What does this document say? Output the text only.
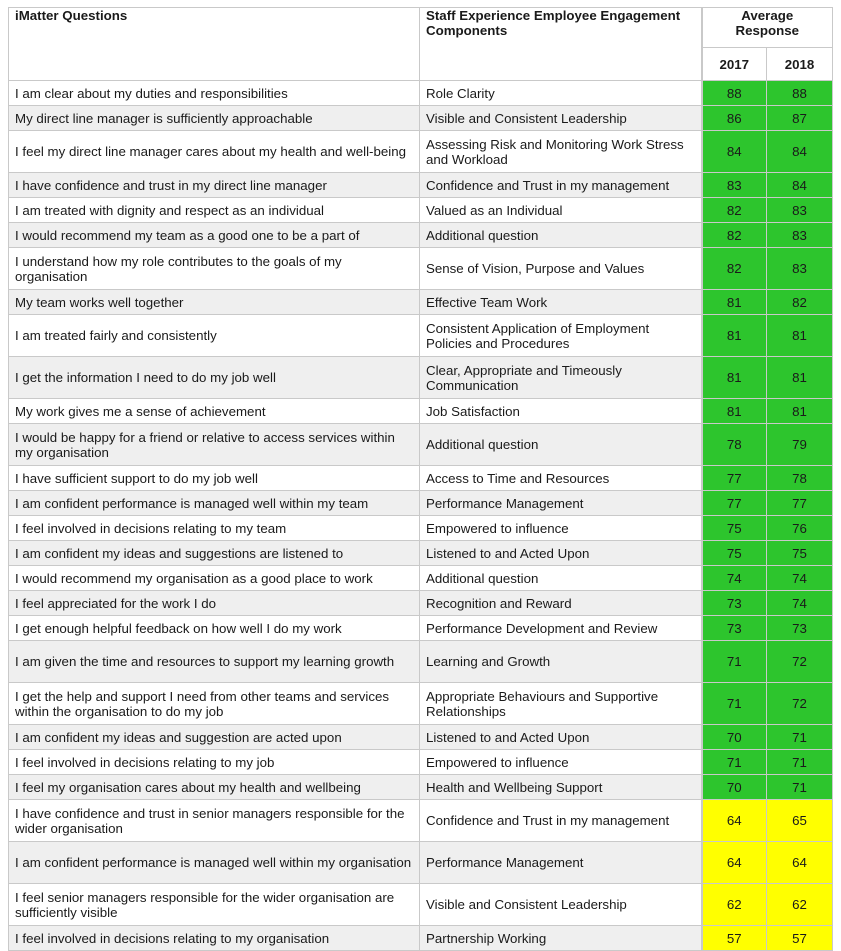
iMatter Questions	Staff Experience Employee Engagement Components	Average Response	
		2017	2018
I am clear about my duties and responsibilities	Role Clarity	88	88
My direct line manager is sufficiently approachable	Visible and Consistent Leadership	86	87
I feel my direct line manager cares about my health and well-being	Assessing Risk and Monitoring Work Stress and Workload	84	84
I have confidence and trust in my direct line manager	Confidence and Trust in my management	83	84
I am treated with dignity and respect as an individual	Valued as an Individual	82	83
I would recommend my team as a good one to be a part of	Additional question	82	83
I understand how my role contributes to the goals of my organisation	Sense of Vision, Purpose and Values	82	83
My team works well together	Effective Team Work	81	82
I am treated fairly and consistently	Consistent Application of Employment Policies and Procedures	81	81
I get the information I need to do my job well	Clear, Appropriate and Timeously Communication	81	81
My work gives me a sense of achievement	Job Satisfaction	81	81
I would be happy for a friend or relative to access services within my organisation	Additional question	78	79
I have sufficient support to do my job well	Access to Time and Resources	77	78
I am confident performance is managed well within my team	Performance Management	77	77
I feel involved in decisions relating to my team	Empowered to influence	75	76
I am confident my ideas and suggestions are listened to	Listened to and Acted Upon	75	75
I would recommend my organisation as a good place to work	Additional question	74	74
I feel appreciated for the work I do	Recognition and Reward	73	74
I get enough helpful feedback on how well I do my work	Performance Development and Review	73	73
I am given the time and resources to support my learning growth	Learning and Growth	71	72
I get the help and support I need from other teams and services within the organisation to do my job	Appropriate Behaviours and Supportive Relationships	71	72
I am confident my ideas and suggestion are acted upon	Listened to and Acted Upon	70	71
I feel involved in decisions relating to my job	Empowered to influence	71	71
I feel my organisation cares about my health and wellbeing	Health and Wellbeing Support	70	71
I have confidence and trust in senior managers responsible for the wider organisation	Confidence and Trust in my management	64	65
I am confident performance is managed well within my organisation	Performance Management	64	64
I feel senior managers responsible for the wider organisation are sufficiently visible	Visible and Consistent Leadership	62	62
I feel involved in decisions relating to my organisation	Partnership Working	57	57
